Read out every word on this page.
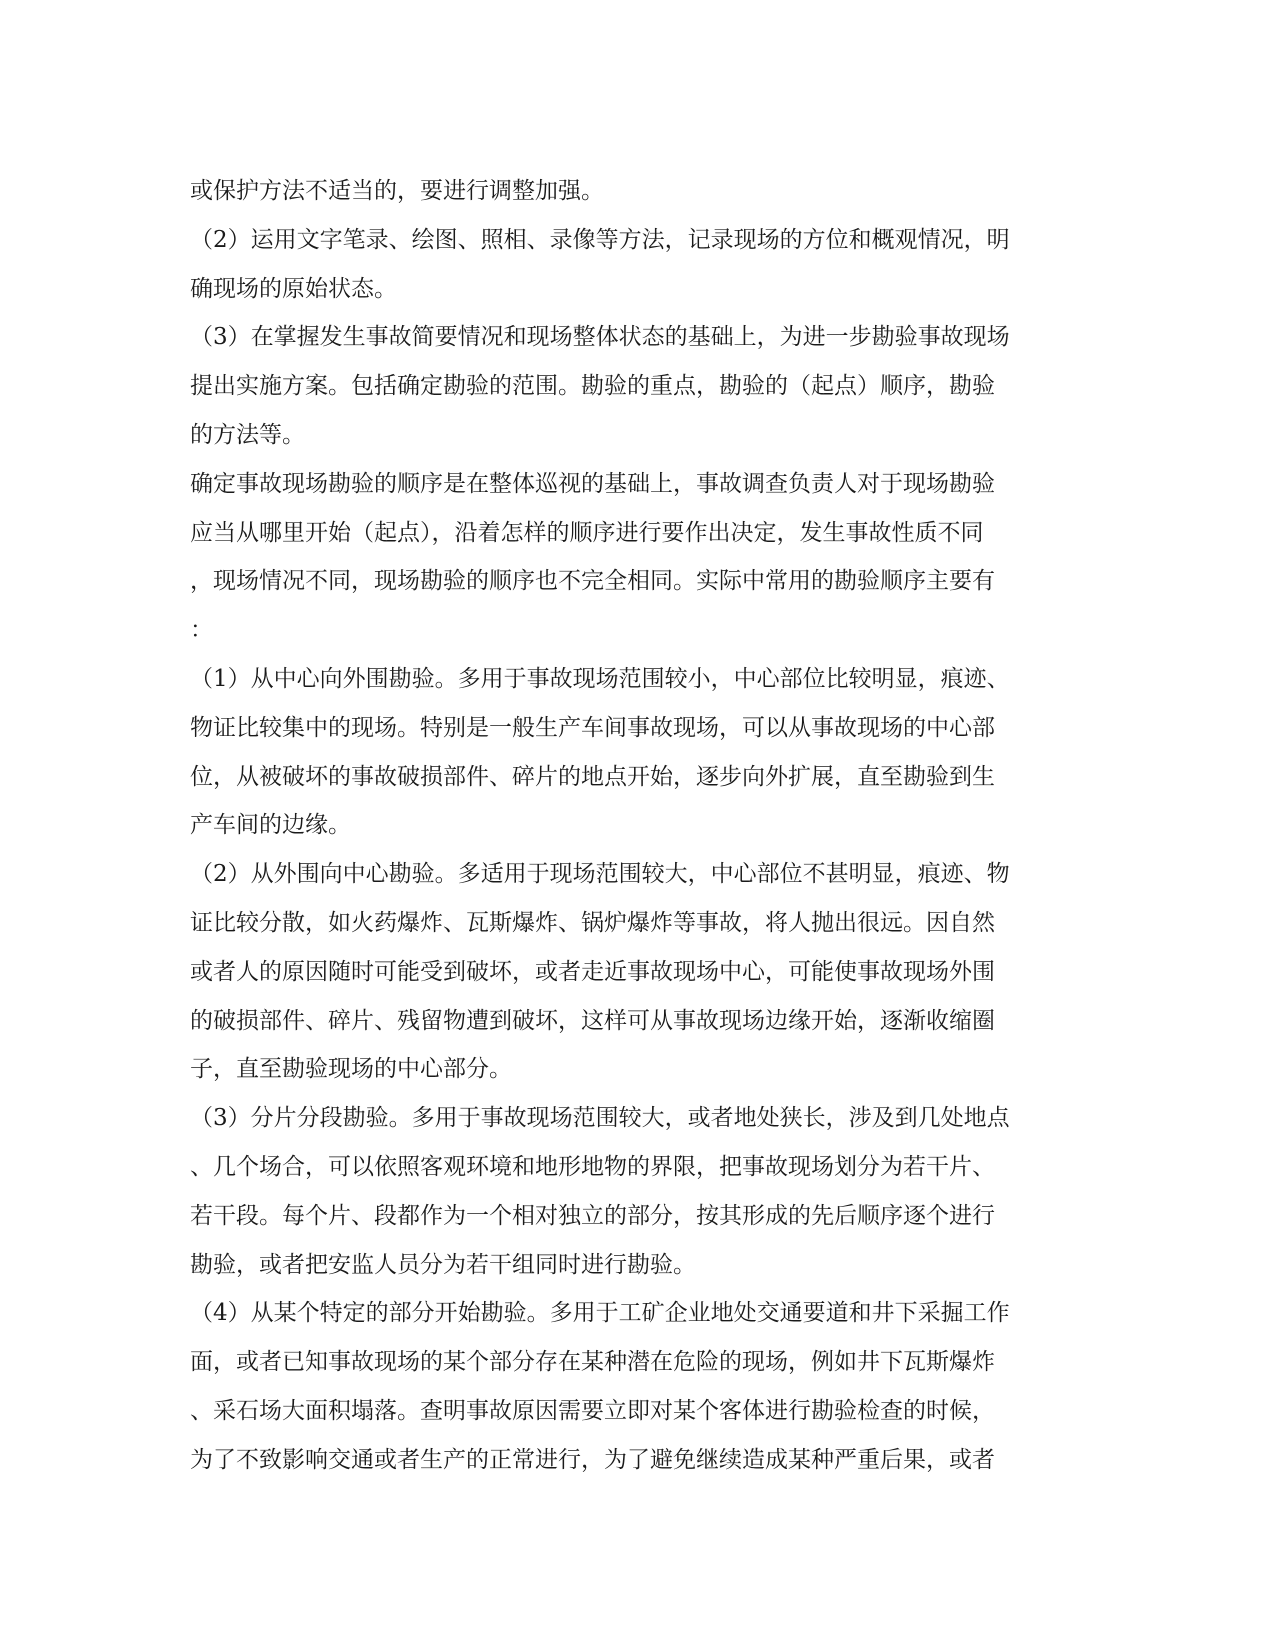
或保护方法不适当的，要进行调整加强。
（2）运用文字笔录、绘图、照相、录像等方法，记录现场的方位和概观情况，明
确现场的原始状态。
（3）在掌握发生事故简要情况和现场整体状态的基础上，为进一步勘验事故现场
提出实施方案。包括确定勘验的范围。勘验的重点，勘验的（起点）顺序，勘验
的方法等。
确定事故现场勘验的顺序是在整体巡视的基础上，事故调查负责人对于现场勘验
应当从哪里开始（起点），沿着怎样的顺序进行要作出决定，发生事故性质不同
，现场情况不同，现场勘验的顺序也不完全相同。实际中常用的勘验顺序主要有
：
（1）从中心向外围勘验。多用于事故现场范围较小，中心部位比较明显，痕迹、
物证比较集中的现场。特别是一般生产车间事故现场，可以从事故现场的中心部
位，从被破坏的事故破损部件、碎片的地点开始，逐步向外扩展，直至勘验到生
产车间的边缘。
（2）从外围向中心勘验。多适用于现场范围较大，中心部位不甚明显，痕迹、物
证比较分散，如火药爆炸、瓦斯爆炸、锅炉爆炸等事故，将人抛出很远。因自然
或者人的原因随时可能受到破坏，或者走近事故现场中心，可能使事故现场外围
的破损部件、碎片、残留物遭到破坏，这样可从事故现场边缘开始，逐渐收缩圈
子，直至勘验现场的中心部分。
（3）分片分段勘验。多用于事故现场范围较大，或者地处狭长，涉及到几处地点
、几个场合，可以依照客观环境和地形地物的界限，把事故现场划分为若干片、
若干段。每个片、段都作为一个相对独立的部分，按其形成的先后顺序逐个进行
勘验，或者把安监人员分为若干组同时进行勘验。
（4）从某个特定的部分开始勘验。多用于工矿企业地处交通要道和井下采掘工作
面，或者已知事故现场的某个部分存在某种潜在危险的现场，例如井下瓦斯爆炸
、采石场大面积塌落。查明事故原因需要立即对某个客体进行勘验检查的时候，
为了不致影响交通或者生产的正常进行，为了避免继续造成某种严重后果，或者
